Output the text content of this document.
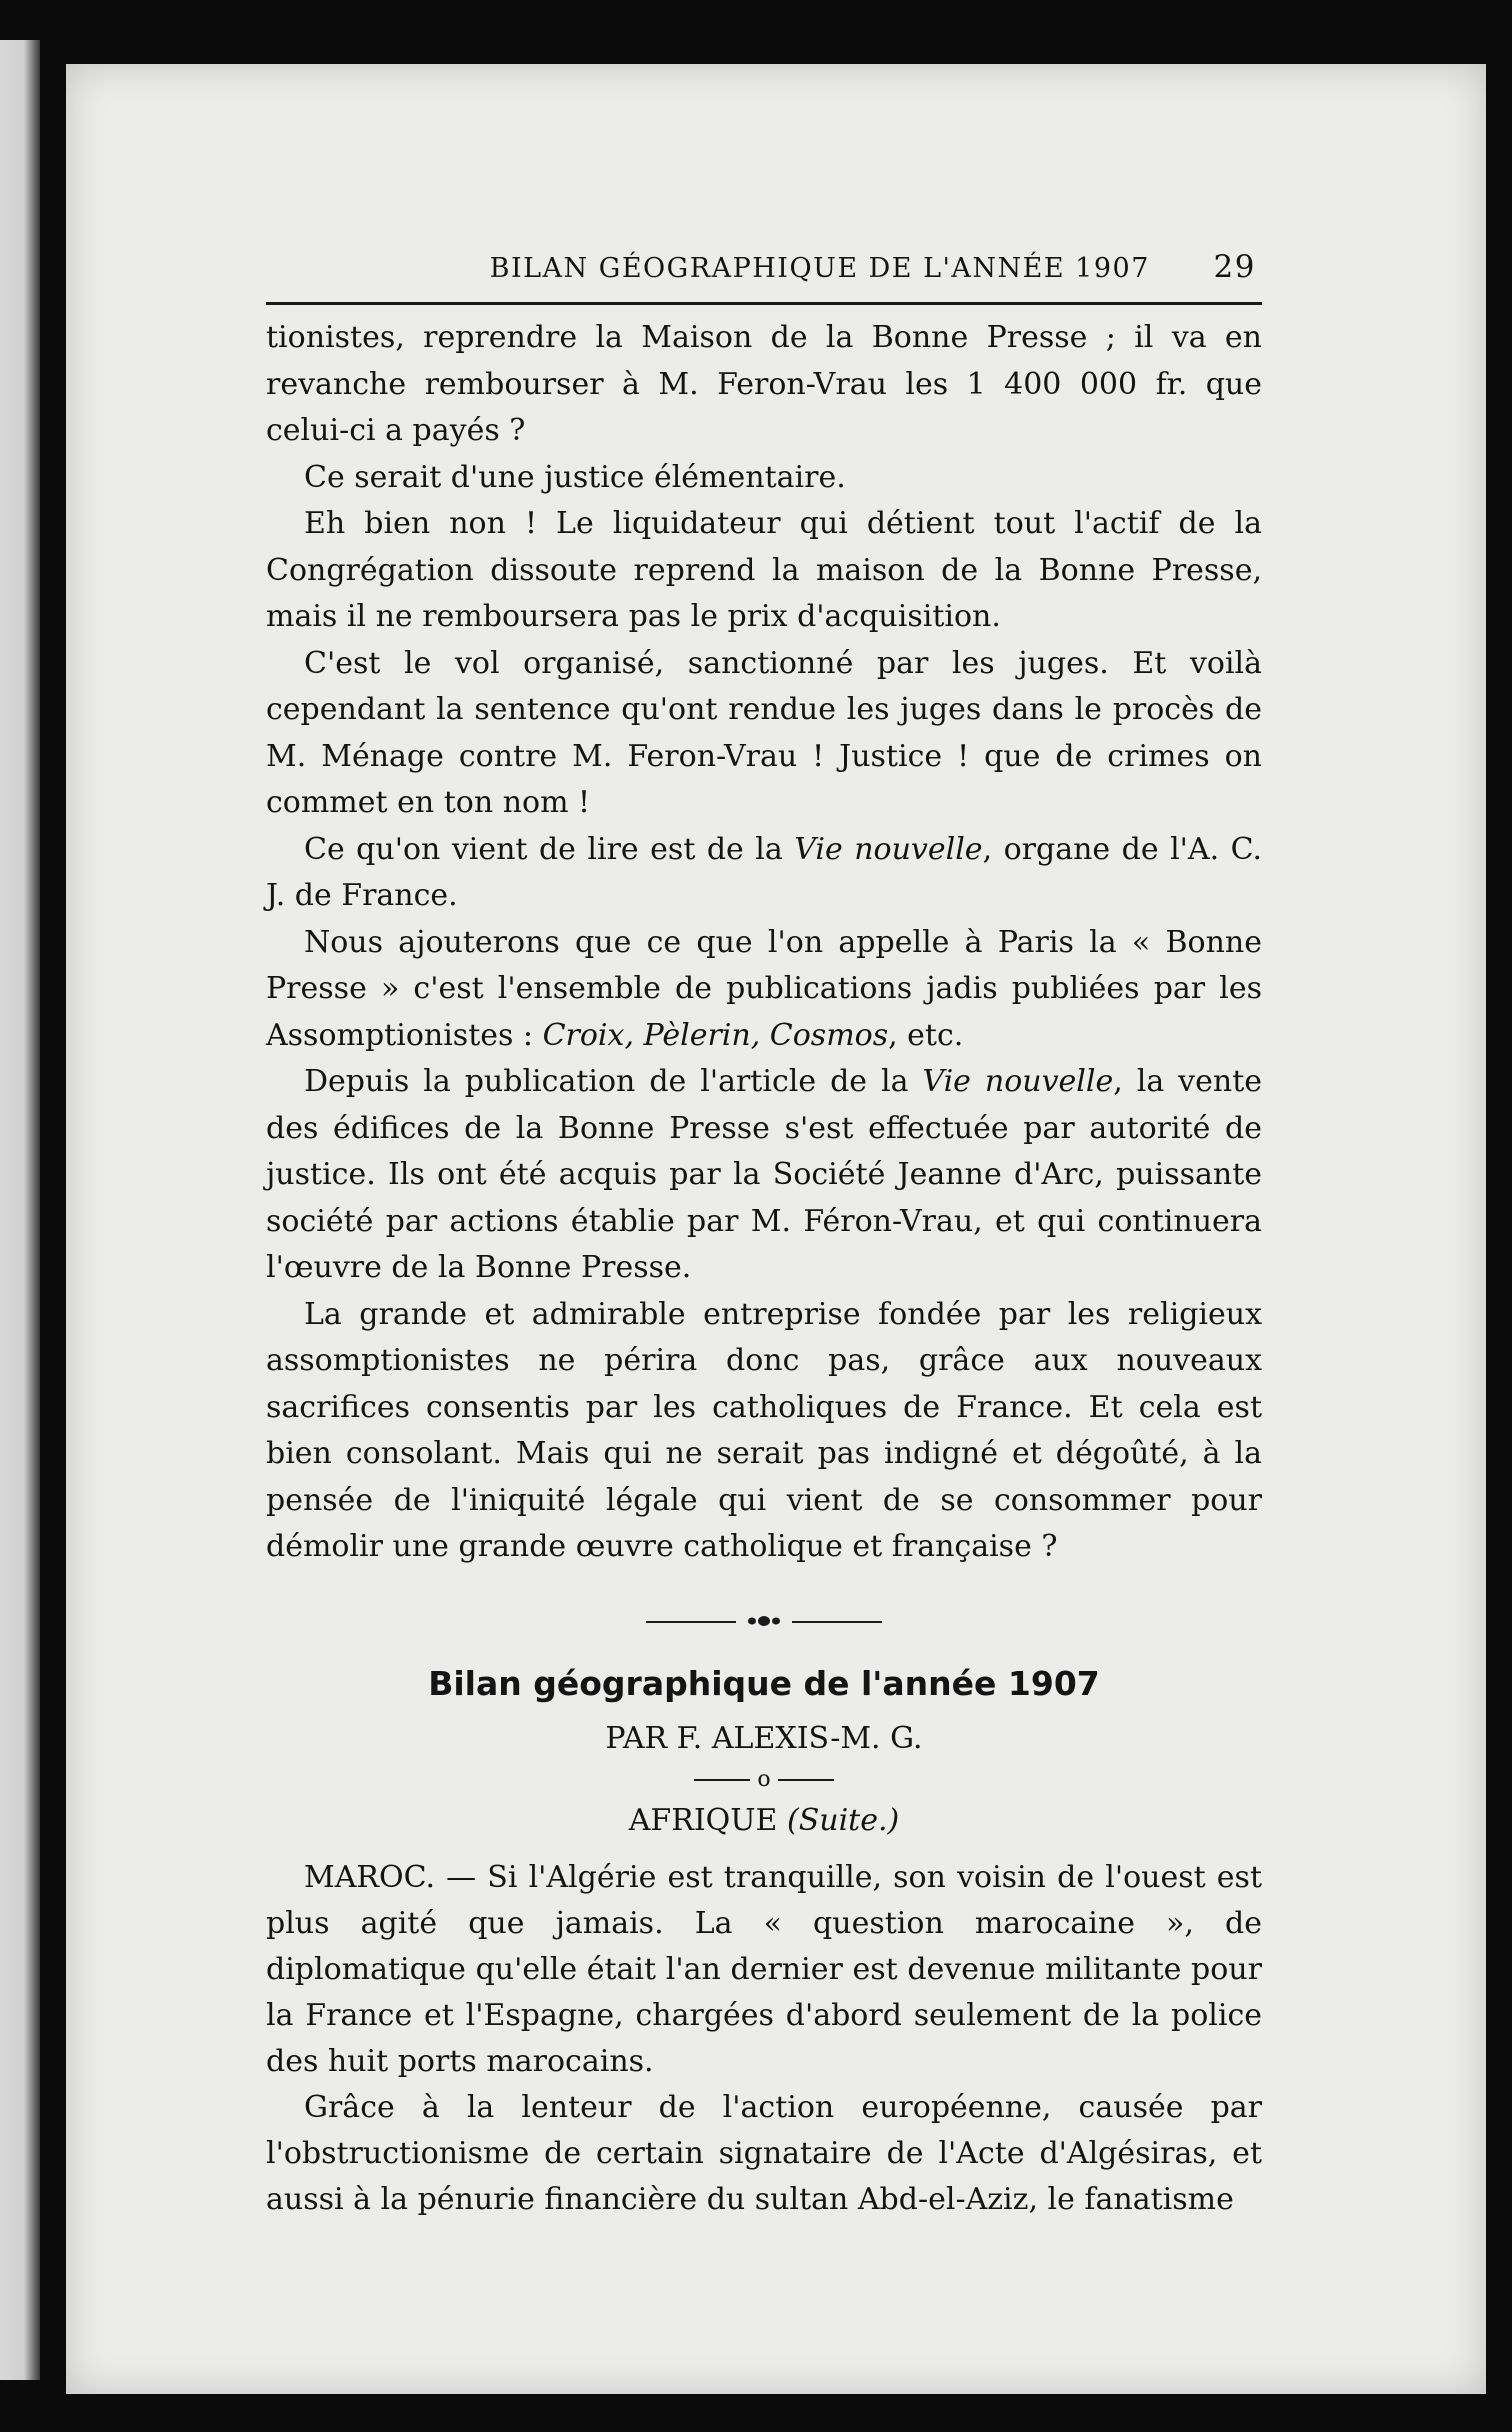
BILAN GÉOGRAPHIQUE DE L'ANNÉE 1907	29

tionistes, reprendre la Maison de la Bonne Presse ; il va en revanche rembourser à M. Feron-Vrau les 1 400 000 fr. que celui-ci a payés ?

Ce serait d'une justice élémentaire.

Eh bien non ! Le liquidateur qui détient tout l'actif de la Congrégation dissoute reprend la maison de la Bonne Presse, mais il ne remboursera pas le prix d'acquisition.

C'est le vol organisé, sanctionné par les juges. Et voilà cependant la sentence qu'ont rendue les juges dans le procès de M. Ménage contre M. Feron-Vrau ! Justice ! que de crimes on commet en ton nom !

Ce qu'on vient de lire est de la Vie nouvelle, organe de l'A. C. J. de France.

Nous ajouterons que ce que l'on appelle à Paris la « Bonne Presse » c'est l'ensemble de publications jadis publiées par les Assomptionistes : Croix, Pèlerin, Cosmos, etc.

Depuis la publication de l'article de la Vie nouvelle, la vente des édifices de la Bonne Presse s'est effectuée par autorité de justice. Ils ont été acquis par la Société Jeanne d'Arc, puissante société par actions établie par M. Féron-Vrau, et qui continuera l'œuvre de la Bonne Presse.

La grande et admirable entreprise fondée par les religieux assomptionistes ne périra donc pas, grâce aux nouveaux sacrifices consentis par les catholiques de France. Et cela est bien consolant. Mais qui ne serait pas indigné et dégoûté, à la pensée de l'iniquité légale qui vient de se consommer pour démolir une grande œuvre catholique et française ?

Bilan géographique de l'année 1907
PAR F. ALEXIS-M. G.
o
AFRIQUE (Suite.)

MAROC. — Si l'Algérie est tranquille, son voisin de l'ouest est plus agité que jamais. La « question marocaine », de diplomatique qu'elle était l'an dernier est devenue militante pour la France et l'Espagne, chargées d'abord seulement de la police des huit ports marocains.

Grâce à la lenteur de l'action européenne, causée par l'obstructionisme de certain signataire de l'Acte d'Algésiras, et aussi à la pénurie financière du sultan Abd-el-Aziz, le fanatisme
